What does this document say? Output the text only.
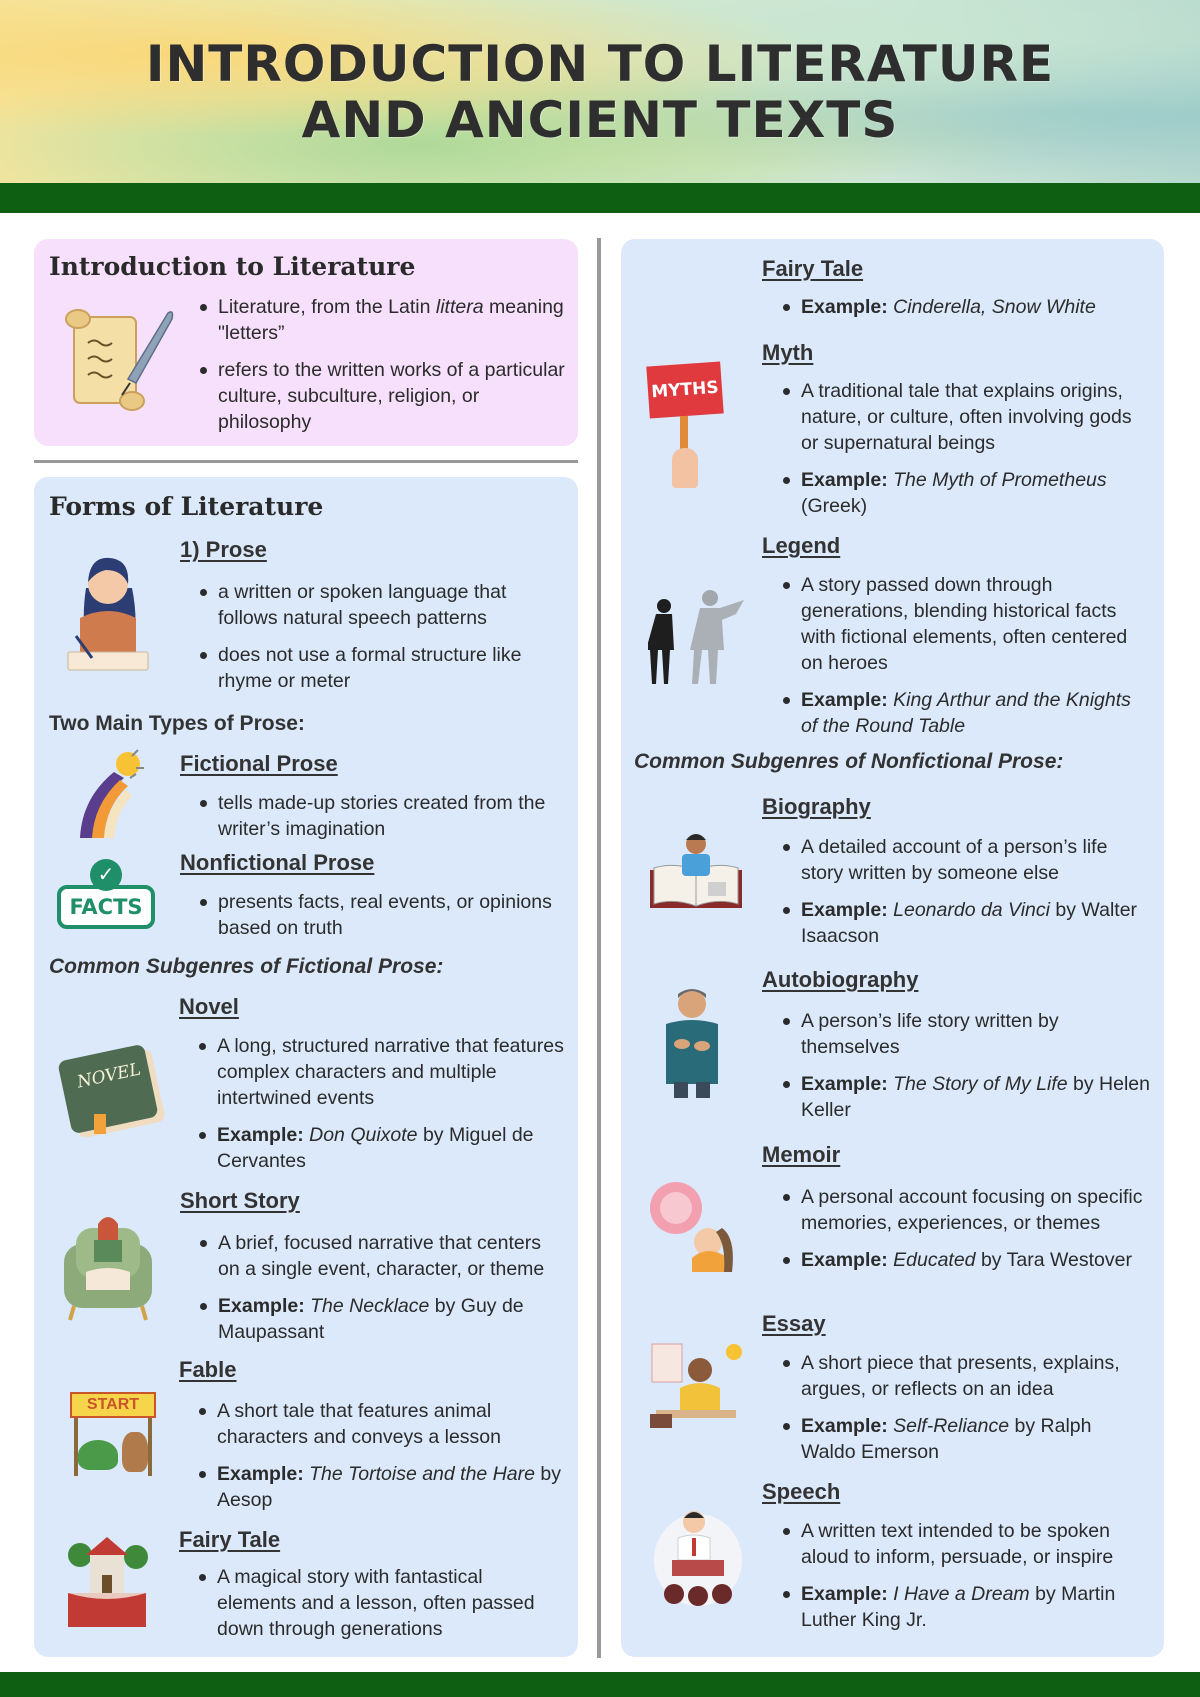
INTRODUCTION TO LITERATURE
AND ANCIENT TEXTS
Introduction to Literature
Literature, from the Latin littera meaning "letters”
refers to the written works of a particular culture, subculture, religion, or philosophy
Forms of Literature
1) Prose
a written or spoken language that follows natural speech patterns
does not use a formal structure like rhyme or meter
Two Main Types of Prose:
Fictional Prose
tells made-up stories created from the writer’s imagination
Nonfictional Prose
✓
FACTS	presents facts, real events, or opinions based on truth
Common Subgenres of Fictional Prose:
Novel
NOVEL
A long, structured narrative that features complex characters and multiple intertwined events
Example: Don Quixote by Miguel de Cervantes
Short Story
A brief, focused narrative that centers on a single event, character, or theme
Example: The Necklace by Guy de Maupassant
Fable
START	A short tale that features animal characters and conveys a lesson
Example: The Tortoise and the Hare by Aesop
Fairy Tale
A magical story with fantastical elements and a lesson, often passed down through generations
Fairy Tale
Example: Cinderella, Snow White
Myth
MYTHS	A traditional tale that explains origins, nature, or culture, often involving gods or supernatural beings
Example: The Myth of Prometheus (Greek)
Legend
A story passed down through generations, blending historical facts with fictional elements, often centered on heroes
Example: King Arthur and the Knights of the Round Table
Common Subgenres of Nonfictional Prose:
Biography
A detailed account of a person’s life story written by someone else
Example: Leonardo da Vinci by Walter Isaacson
Autobiography
A person’s life story written by themselves
Example: The Story of My Life by Helen Keller
Memoir
A personal account focusing on specific memories, experiences, or themes
Example: Educated by Tara Westover
Essay
A short piece that presents, explains, argues, or reflects on an idea
Example: Self-Reliance by Ralph Waldo Emerson
Speech
A written text intended to be spoken aloud to inform, persuade, or inspire
Example: I Have a Dream by Martin Luther King Jr.
